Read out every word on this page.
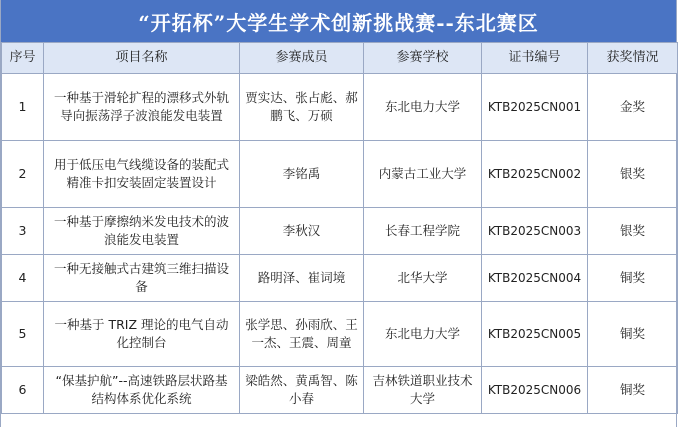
“开拓杯”大学生学术创新挑战赛--东北赛区
序号	项目名称	参赛成员	参赛学校	证书编号	获奖情况
1	一种基于滑轮扩程的漂移式外轨导向振荡浮子波浪能发电装置	贾实达、张占彪、郝鹏飞、万硕	东北电力大学	KTB2025CN001	金奖
2	用于低压电气线缆设备的装配式精准卡扣安装固定装置设计	李铭禹	内蒙古工业大学	KTB2025CN002	银奖
3	一种基于摩擦纳米发电技术的波浪能发电装置	李秋汉	长春工程学院	KTB2025CN003	银奖
4	一种无接触式古建筑三维扫描设备	路明泽、崔词境	北华大学	KTB2025CN004	铜奖
5	一种基于 TRIZ 理论的电气自动化控制台	张学思、孙雨欣、王一杰、王震、周童	东北电力大学	KTB2025CN005	铜奖
6	“保基护航”--高速铁路层状路基结构体系优化系统	梁皓然、黄禹智、陈小春	吉林铁道职业技术大学	KTB2025CN006	铜奖
